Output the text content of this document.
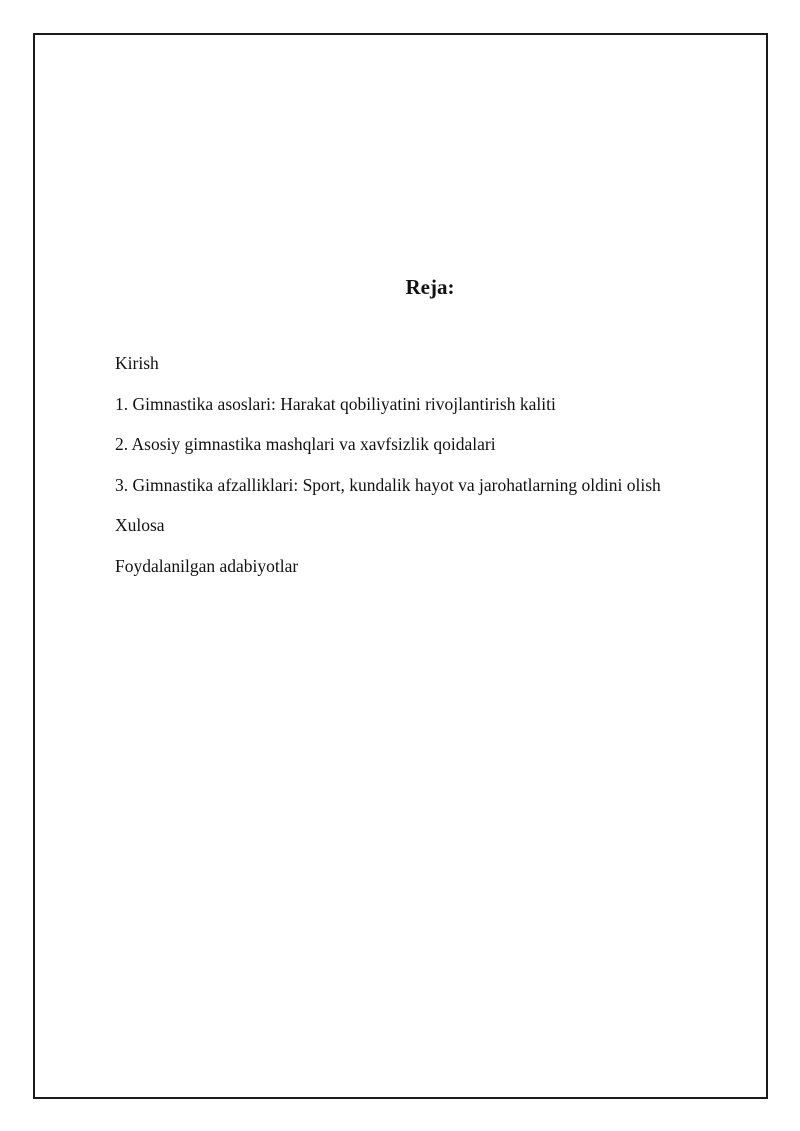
Reja:
Kirish
1. Gimnastika asoslari: Harakat qobiliyatini rivojlantirish kaliti
2. Asosiy gimnastika mashqlari va xavfsizlik qoidalari
3. Gimnastika afzalliklari: Sport, kundalik hayot va jarohatlarning oldini olish
Xulosa
Foydalanilgan adabiyotlar
